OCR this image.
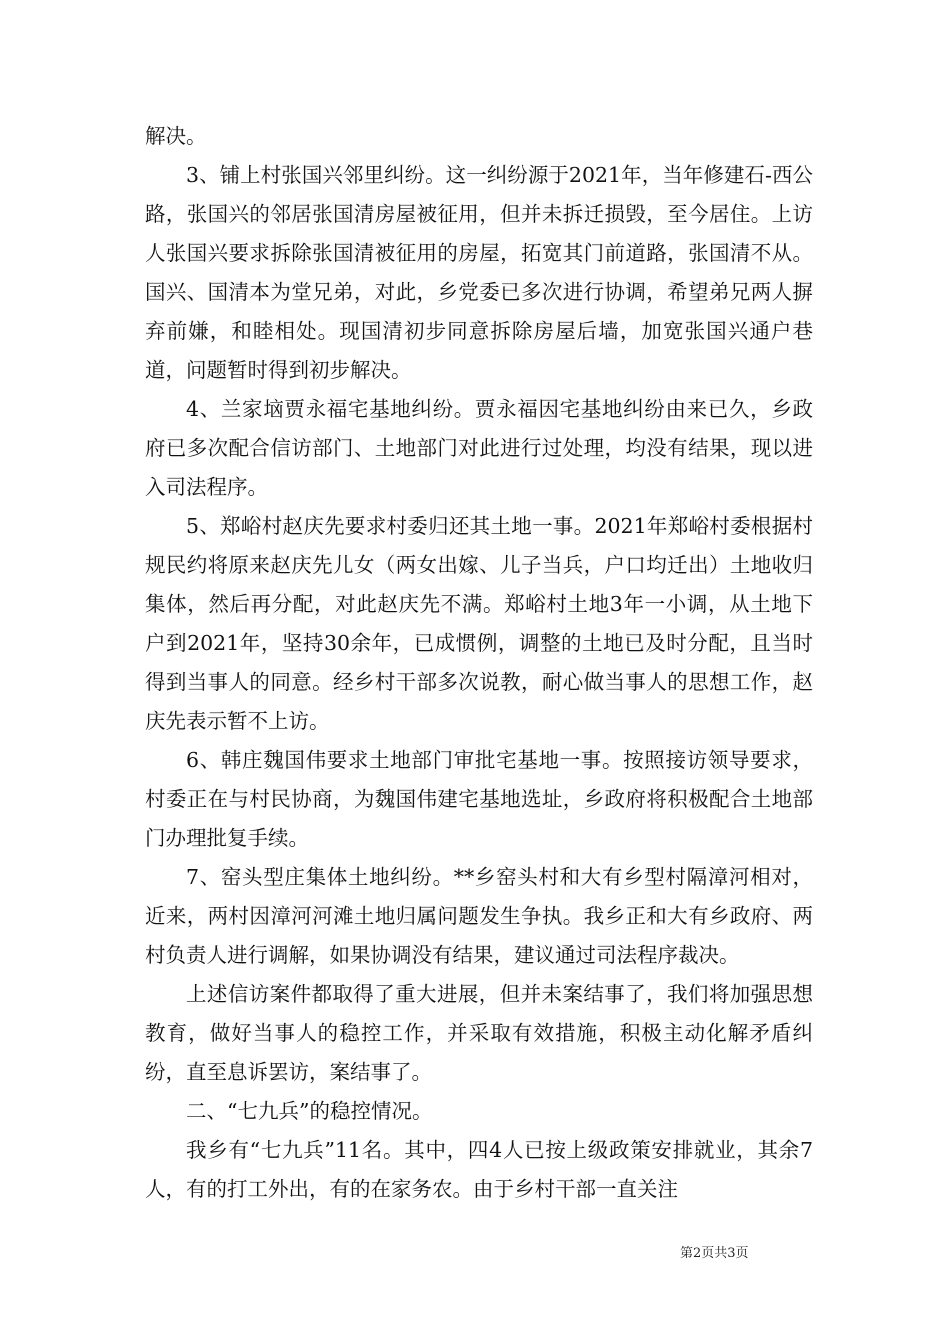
解决。

3、铺上村张国兴邻里纠纷。这一纠纷源于2021年，当年修建石-西公路，张国兴的邻居张国清房屋被征用，但并未拆迁损毁，至今居住。上访人张国兴要求拆除张国清被征用的房屋，拓宽其门前道路，张国清不从。国兴、国清本为堂兄弟，对此，乡党委已多次进行协调，希望弟兄两人摒弃前嫌，和睦相处。现国清初步同意拆除房屋后墙，加宽张国兴通户巷道，问题暂时得到初步解决。

4、兰家垴贾永福宅基地纠纷。贾永福因宅基地纠纷由来已久，乡政府已多次配合信访部门、土地部门对此进行过处理，均没有结果，现以进入司法程序。

5、郑峪村赵庆先要求村委归还其土地一事。2021年郑峪村委根据村规民约将原来赵庆先儿女（两女出嫁、儿子当兵，户口均迁出）土地收归集体，然后再分配，对此赵庆先不满。郑峪村土地3年一小调，从土地下户到2021年，坚持30余年，已成惯例，调整的土地已及时分配，且当时得到当事人的同意。经乡村干部多次说教，耐心做当事人的思想工作，赵庆先表示暂不上访。

6、韩庄魏国伟要求土地部门审批宅基地一事。按照接访领导要求，村委正在与村民协商，为魏国伟建宅基地选址，乡政府将积极配合土地部门办理批复手续。

7、窑头型庄集体土地纠纷。**乡窑头村和大有乡型村隔漳河相对，近来，两村因漳河河滩土地归属问题发生争执。我乡正和大有乡政府、两村负责人进行调解，如果协调没有结果，建议通过司法程序裁决。

上述信访案件都取得了重大进展，但并未案结事了，我们将加强思想教育，做好当事人的稳控工作，并采取有效措施，积极主动化解矛盾纠纷，直至息诉罢访，案结事了。

二、“七九兵”的稳控情况。

我乡有“七九兵”11名。其中，四4人已按上级政策安排就业，其余7人，有的打工外出，有的在家务农。由于乡村干部一直关注

第2页共3页
